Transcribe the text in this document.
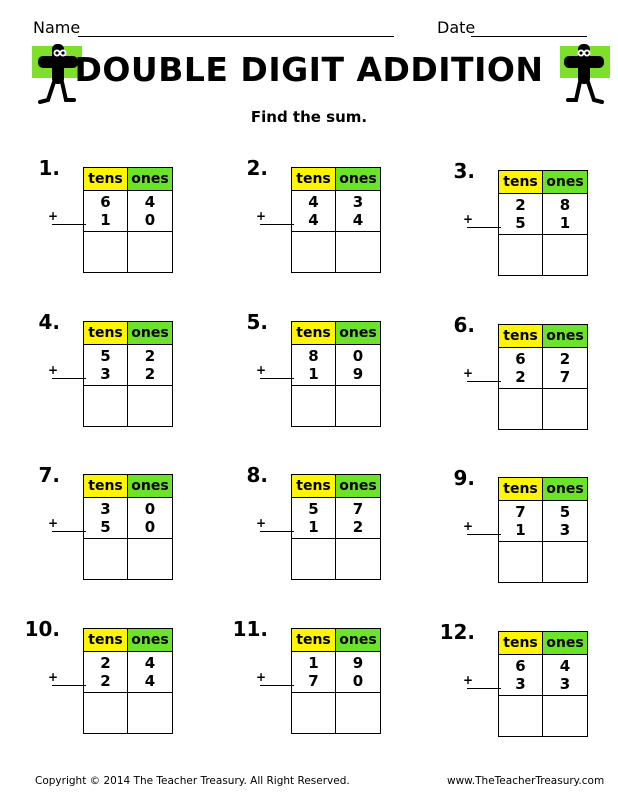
Name	Date
DOUBLE DIGIT ADDITION
Find the sum.
1.
+
tens ones
6
1
4
0
2.
+
tens ones
4
4
3
4
3.
+
tens ones
2
5
8
1
4.
+
tens ones
5
3
2
2
5.
+
tens ones
8
1
0
9
6.
+
tens ones
6
2
2
7
7.
+
tens ones
3
5
0
0
8.
+
tens ones
5
1
7
2
9.
+
tens ones
7
1
5
3
10.
+
tens ones
2
2
4
4
11.
+
tens ones
1
7
9
0
12.
+
tens ones
6
3
4
3
Copyright © 2014 The Teacher Treasury. All Right Reserved.	www.TheTeacherTreasury.com
